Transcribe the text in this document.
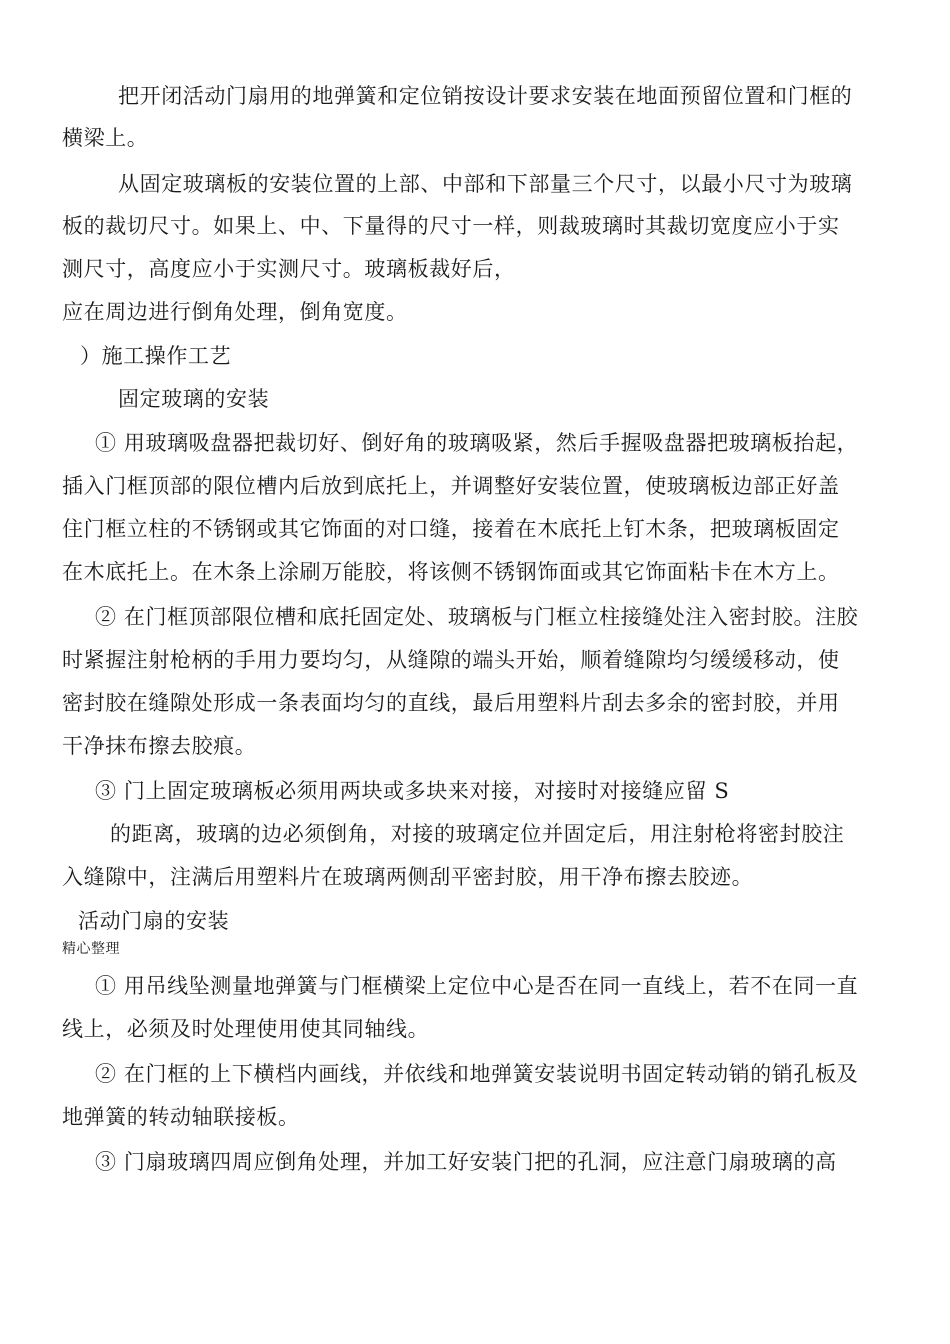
把开闭活动门扇用的地弹簧和定位销按设计要求安装在地面预留位置和门框的
横梁上。
从固定玻璃板的安装位置的上部、中部和下部量三个尺寸，以最小尺寸为玻璃
板的裁切尺寸。如果上、中、下量得的尺寸一样，则裁玻璃时其裁切宽度应小于实
测尺寸，高度应小于实测尺寸。玻璃板裁好后，
应在周边进行倒角处理，倒角宽度。
）施工操作工艺
固定玻璃的安装
① 用玻璃吸盘器把裁切好、倒好角的玻璃吸紧，然后手握吸盘器把玻璃板抬起，
插入门框顶部的限位槽内后放到底托上，并调整好安装位置，使玻璃板边部正好盖
住门框立柱的不锈钢或其它饰面的对口缝，接着在木底托上钉木条，把玻璃板固定
在木底托上。在木条上涂刷万能胶，将该侧不锈钢饰面或其它饰面粘卡在木方上。
② 在门框顶部限位槽和底托固定处、玻璃板与门框立柱接缝处注入密封胶。注胶
时紧握注射枪柄的手用力要均匀，从缝隙的端头开始，顺着缝隙均匀缓缓移动，使
密封胶在缝隙处形成一条表面均匀的直线，最后用塑料片刮去多余的密封胶，并用
干净抹布擦去胶痕。
③ 门上固定玻璃板必须用两块或多块来对接，对接时对接缝应留 S
的距离，玻璃的边必须倒角，对接的玻璃定位并固定后，用注射枪将密封胶注
入缝隙中，注满后用塑料片在玻璃两侧刮平密封胶，用干净布擦去胶迹。
活动门扇的安装
精心整理
① 用吊线坠测量地弹簧与门框横梁上定位中心是否在同一直线上，若不在同一直
线上，必须及时处理使用使其同轴线。
② 在门框的上下横档内画线，并依线和地弹簧安装说明书固定转动销的销孔板及
地弹簧的转动轴联接板。
③ 门扇玻璃四周应倒角处理，并加工好安装门把的孔洞，应注意门扇玻璃的高
